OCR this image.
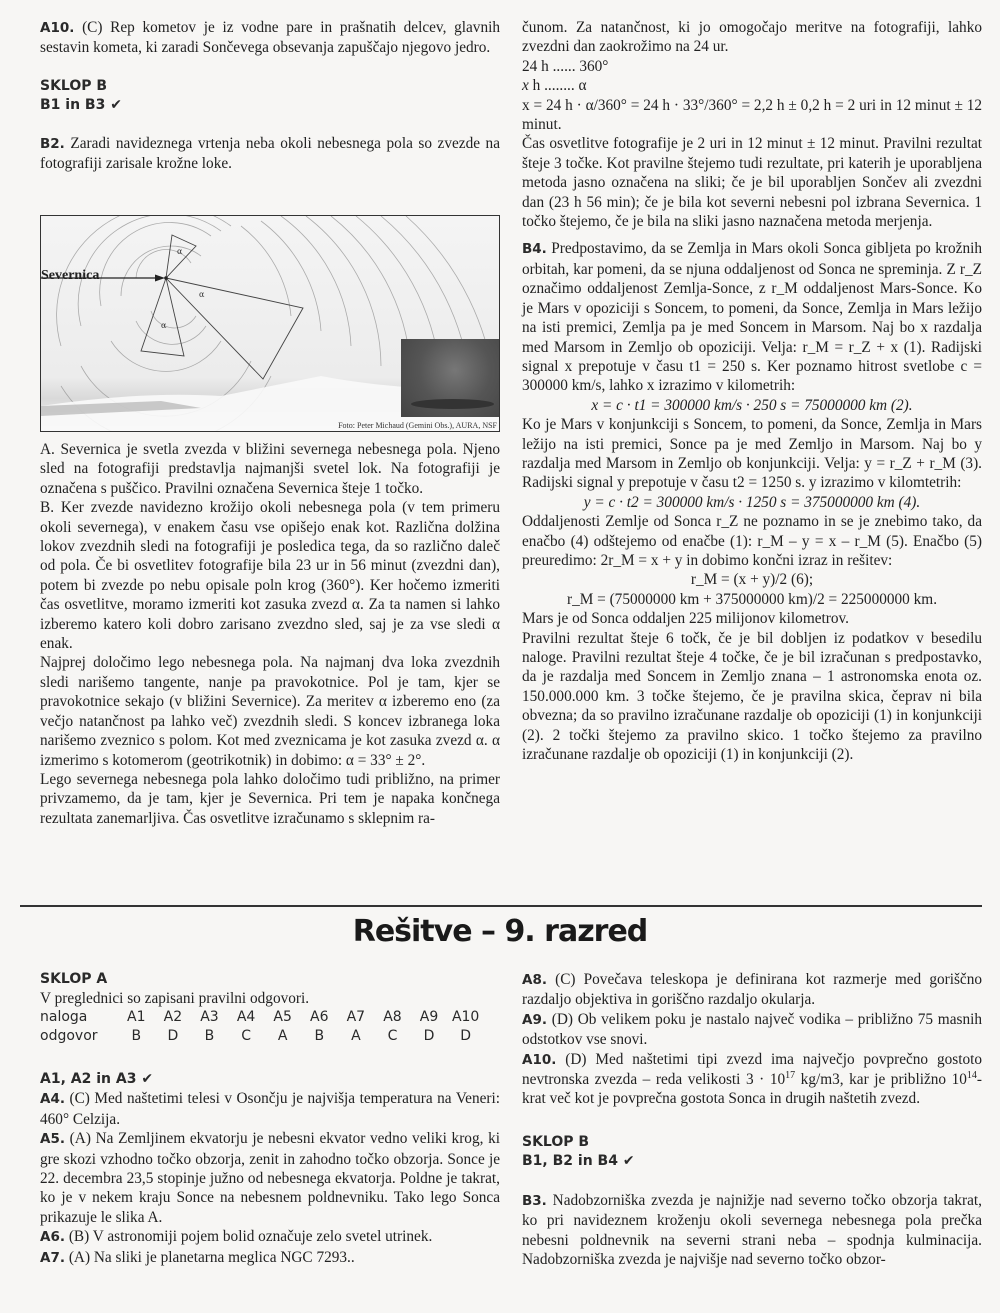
A10. (C) Rep kometov je iz vodne pare in prašnatih delcev, glavnih sestavin kometa, ki zaradi Sončevega obsevanja zapuščajo njegovo jedro.

SKLOP B
B1 in B3 ✔

B2. Zaradi navideznega vrtenja neba okoli nebesnega pola so zvezde na fotografiji zarisale krožne loke.

α
α
α
Severnica
Foto: Peter Michaud (Gemini Obs.), AURA, NSF

A. Severnica je svetla zvezda v bližini severnega nebesnega pola. Njeno sled na fotografiji predstavlja najmanjši svetel lok. Na fotografiji je označena s puščico. Pravilni označena Severnica šteje 1 točko.

B. Ker zvezde navidezno krožijo okoli nebesnega pola (v tem primeru okoli severnega), v enakem času vse opišejo enak kot. Različna dolžina lokov zvezdnih sledi na fotografiji je posledica tega, da so različno daleč od pola. Če bi osvetlitev fotografije bila 23 ur in 56 minut (zvezdni dan), potem bi zvezde po nebu opisale poln krog (360°). Ker hočemo izmeriti čas osvetlitve, moramo izmeriti kot zasuka zvezd α. Za ta namen si lahko izberemo katero koli dobro zarisano zvezdno sled, saj je za vse sledi α enak.

Najprej določimo lego nebesnega pola. Na najmanj dva loka zvezdnih sledi narišemo tangente, nanje pa pravokotnice. Pol je tam, kjer se pravokotnice sekajo (v bližini Severnice). Za meritev α izberemo eno (za večjo natančnost pa lahko več) zvezdnih sledi. S koncev izbranega loka narišemo zveznico s polom. Kot med zveznicama je kot zasuka zvezd α. α izmerimo s kotomerom (geotrikotnik) in dobimo: α = 33° ± 2°.

Lego severnega nebesnega pola lahko določimo tudi približno, na primer privzamemo, da je tam, kjer je Severnica. Pri tem je napaka končnega rezultata zanemarljiva. Čas osvetlitve izračunamo s sklepnim ra-

čunom. Za natančnost, ki jo omogočajo meritve na fotografiji, lahko zvezdni dan zaokrožimo na 24 ur.

24 h ...... 360°

x h ........ α

x = 24 h · α/360° = 24 h · 33°/360° = 2,2 h ± 0,2 h = 2 uri in 12 minut ± 12 minut.

Čas osvetlitve fotografije je 2 uri in 12 minut ± 12 minut. Pravilni rezultat šteje 3 točke. Kot pravilne štejemo tudi rezultate, pri katerih je uporabljena metoda jasno označena na sliki; če je bil uporabljen Sončev ali zvezdni dan (23 h 56 min); če je bila kot severni nebesni pol izbrana Severnica. 1 točko štejemo, če je bila na sliki jasno naznačena metoda merjenja.

B4. Predpostavimo, da se Zemlja in Mars okoli Sonca gibljeta po krožnih orbitah, kar pomeni, da se njuna oddaljenost od Sonca ne spreminja. Z r_Z označimo oddaljenost Zemlja-Sonce, z r_M oddaljenost Mars-Sonce. Ko je Mars v opoziciji s Soncem, to pomeni, da Sonce, Zemlja in Mars ležijo na isti premici, Zemlja pa je med Soncem in Marsom. Naj bo x razdalja med Marsom in Zemljo ob opoziciji. Velja: r_M = r_Z + x (1). Radijski signal x prepotuje v času t1 = 250 s. Ker poznamo hitrost svetlobe c = 300000 km/s, lahko x izrazimo v kilometrih:

x = c · t1 = 300000 km/s · 250 s = 75000000 km (2).

Ko je Mars v konjunkciji s Soncem, to pomeni, da Sonce, Zemlja in Mars ležijo na isti premici, Sonce pa je med Zemljo in Marsom. Naj bo y razdalja med Marsom in Zemljo ob konjunkciji. Velja: y = r_Z + r_M (3). Radijski signal y prepotuje v času t2 = 1250 s. y izrazimo v kilomtetrih:

y = c · t2 = 300000 km/s · 1250 s = 375000000 km (4).

Oddaljenosti Zemlje od Sonca r_Z ne poznamo in se je znebimo tako, da enačbo (4) odštejemo od enačbe (1): r_M – y = x – r_M (5). Enačbo (5) preuredimo: 2r_M = x + y in dobimo končni izraz in rešitev:

r_M = (x + y)/2 (6);

r_M = (75000000 km + 375000000 km)/2 = 225000000 km.

Mars je od Sonca oddaljen 225 milijonov kilometrov.

Pravilni rezultat šteje 6 točk, če je bil dobljen iz podatkov v besedilu naloge. Pravilni rezultat šteje 4 točke, če je bil izračunan s predpostavko, da je razdalja med Soncem in Zemljo znana – 1 astronomska enota oz. 150.000.000 km. 3 točke štejemo, če je pravilna skica, čeprav ni bila obvezna; da so pravilno izračunane razdalje ob opoziciji (1) in konjunkciji (2). 2 točki štejemo za pravilno skico. 1 točko štejemo za pravilno izračunane razdalje ob opoziciji (1) in konjunkciji (2).

Rešitve – 9. razred
SKLOP A

V preglednici so zapisani pravilni odgovori.

naloga	A1 A2 A3 A4 A5 A6 A7 A8 A9 A10
odgovor B D B C A B A C D D
A1, A2 in A3 ✔

A4. (C) Med naštetimi telesi v Osončju je najvišja temperatura na Veneri: 460° Celzija.

A5. (A) Na Zemljinem ekvatorju je nebesni ekvator vedno veliki krog, ki gre skozi vzhodno točko obzorja, zenit in zahodno točko obzorja. Sonce je 22. decembra 23,5 stopinje južno od nebesnega ekvatorja. Poldne je takrat, ko je v nekem kraju Sonce na nebesnem poldnevniku. Tako lego Sonca prikazuje le slika A.

A6. (B) V astronomiji pojem bolid označuje zelo svetel utrinek.

A7. (A) Na sliki je planetarna meglica NGC 7293..

A8. (C) Povečava teleskopa je definirana kot razmerje med goriščno razdaljo objektiva in goriščno razdaljo okularja.

A9. (D) Ob velikem poku je nastalo največ vodika – približno 75 masnih odstotkov vse snovi.

A10. (D) Med naštetimi tipi zvezd ima največjo povprečno gostoto nevtronska zvezda – reda velikosti $3 \cdot 10^{17}$ kg/m3, kar je približno $10^{14}$-krat več kot je povprečna gostota Sonca in drugih naštetih zvezd.

SKLOP B
B1, B2 in B4 ✔

B3. Nadobzorniška zvezda je najnižje nad severno točko obzorja takrat, ko pri navideznem kroženju okoli severnega nebesnega pola prečka nebesni poldnevnik na severni strani neba – spodnja kulminacija. Nadobzorniška zvezda je najvišje nad severno točko obzor-
